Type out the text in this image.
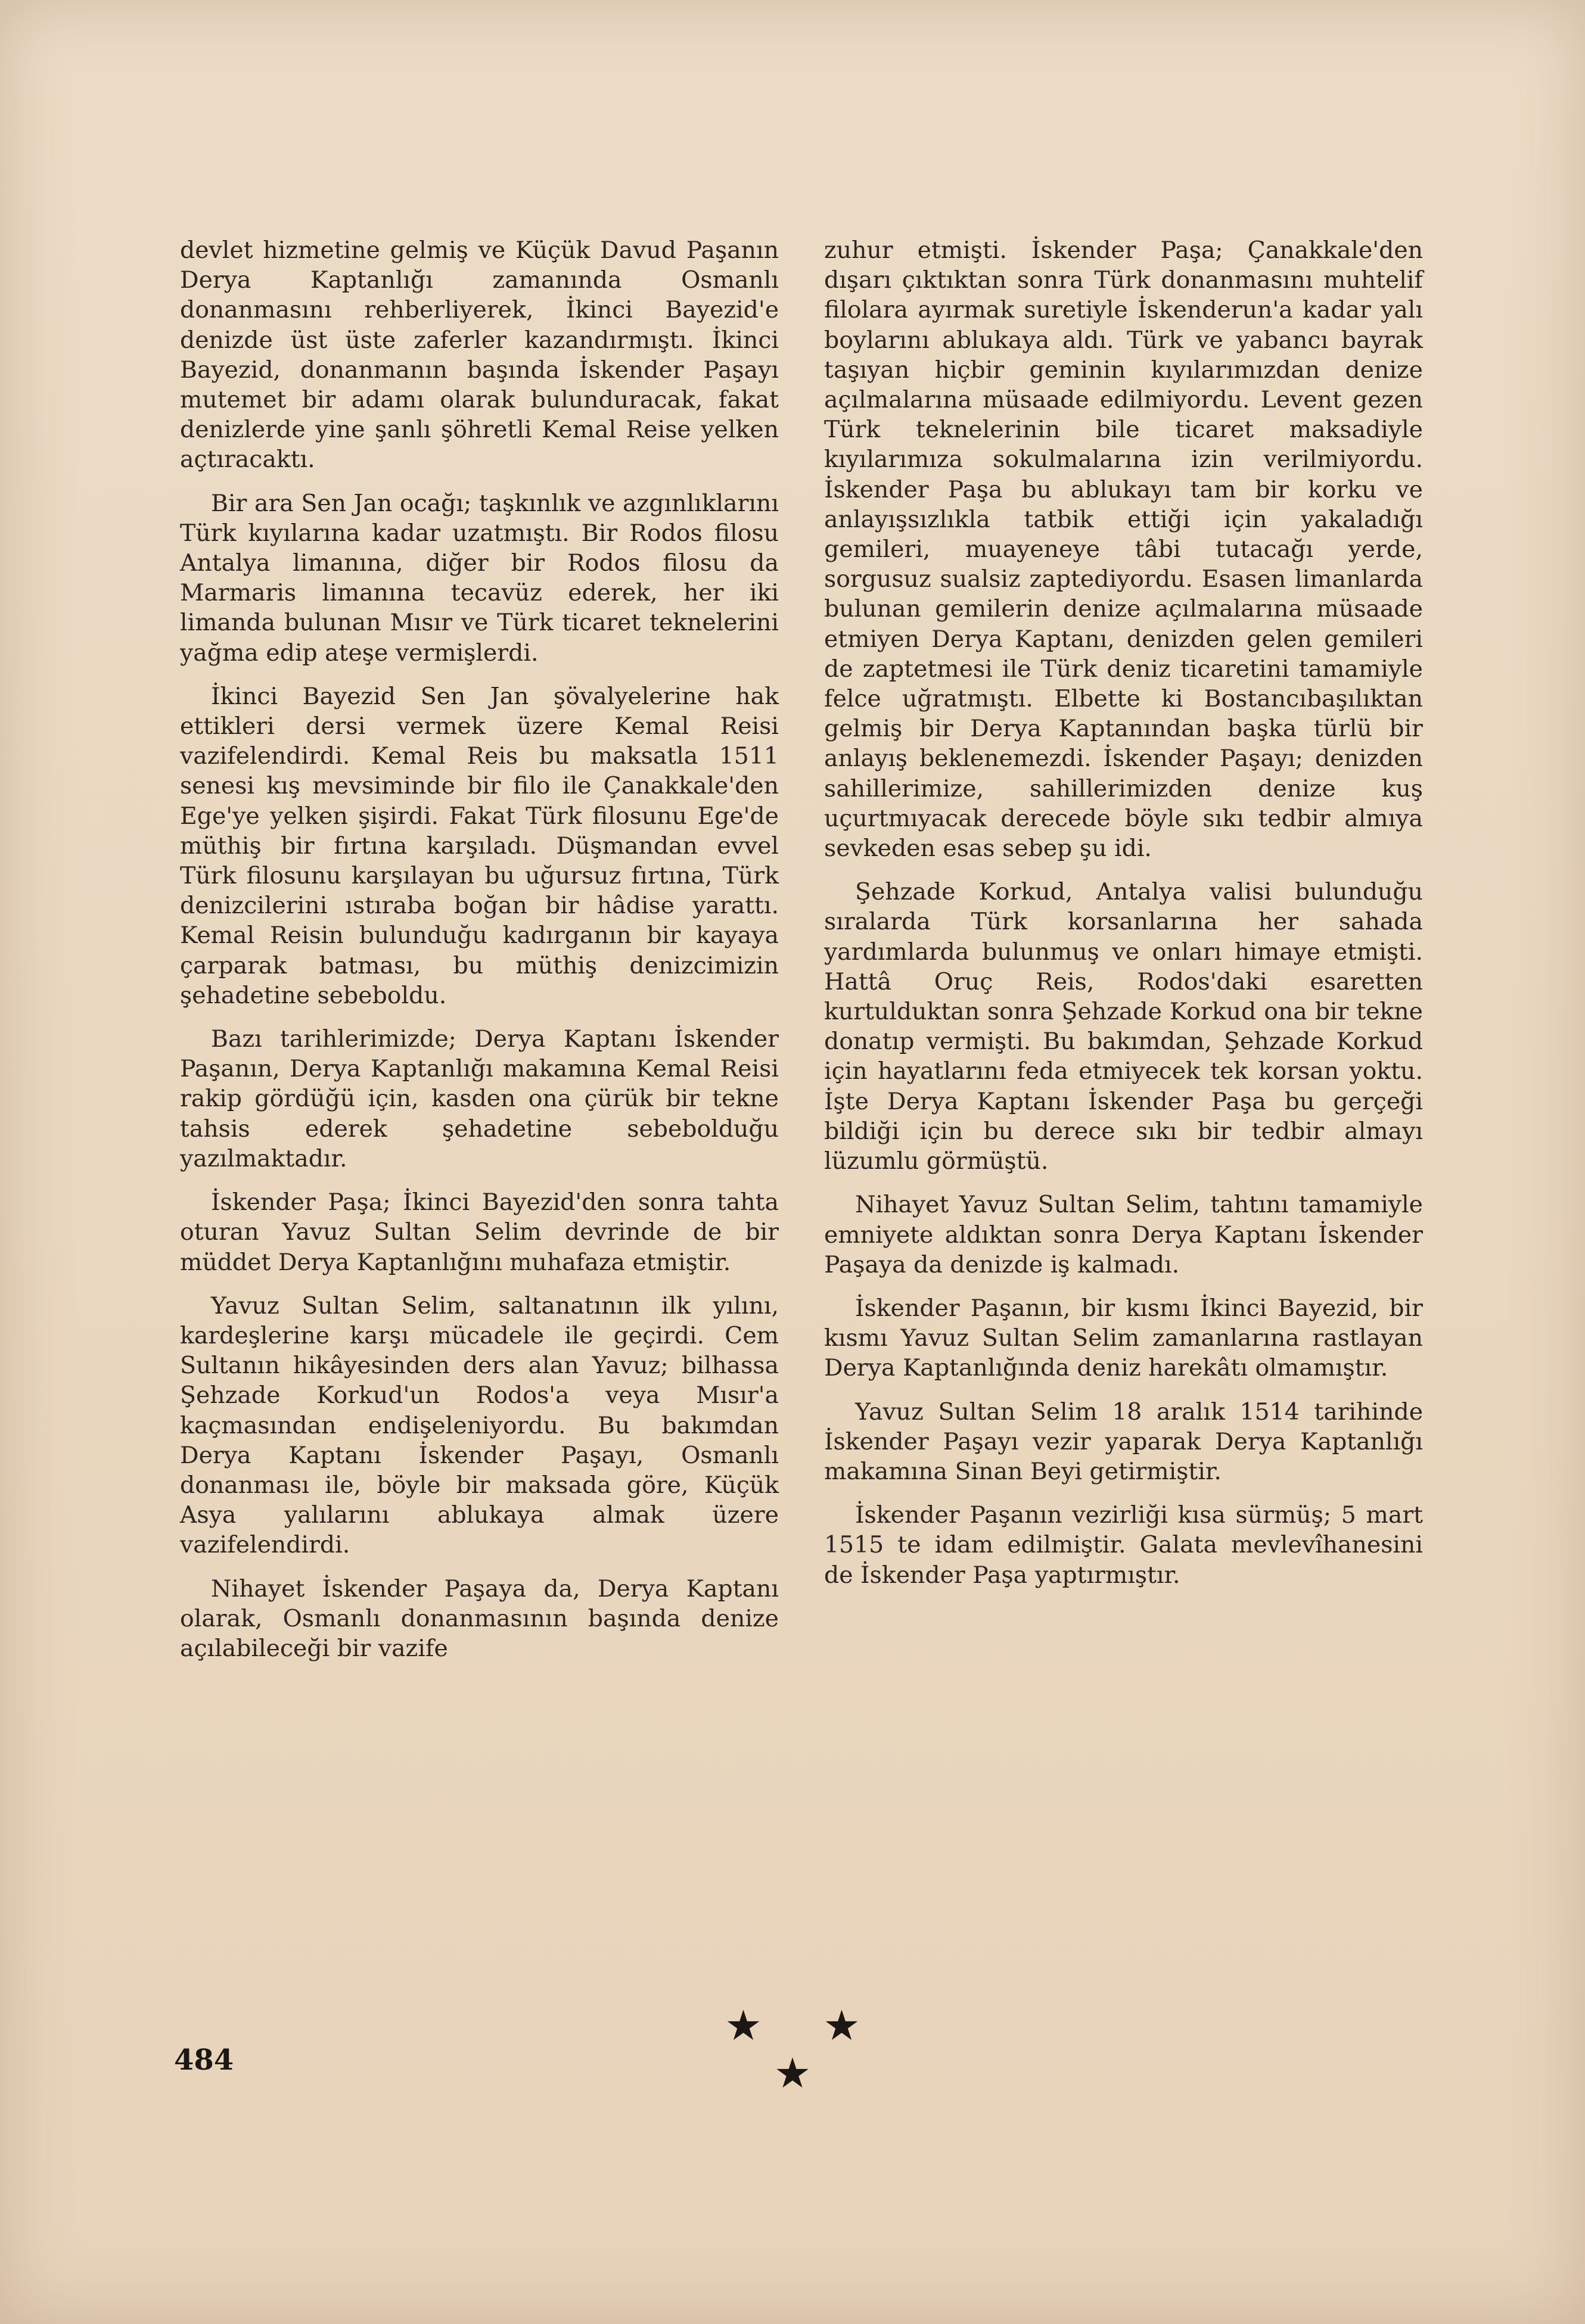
devlet hizmetine gelmiş ve Küçük Davud Paşanın Derya Kaptanlığı zamanında Osmanlı donanmasını rehberliyerek, İkinci Bayezid'e denizde üst üste zaferler kazandırmıştı. İkinci Bayezid, donanmanın başında İskender Paşayı mutemet bir adamı olarak bulunduracak, fakat denizlerde yine şanlı şöhretli Kemal Reise yelken açtıracaktı.

Bir ara Sen Jan ocağı; taşkınlık ve azgınlıklarını Türk kıyılarına kadar uzatmıştı. Bir Rodos filosu Antalya limanına, diğer bir Rodos filosu da Marmaris limanına tecavüz ederek, her iki limanda bulunan Mısır ve Türk ticaret teknelerini yağma edip ateşe vermişlerdi.

İkinci Bayezid Sen Jan şövalyelerine hak ettikleri dersi vermek üzere Kemal Reisi vazifelendirdi. Kemal Reis bu maksatla 1511 senesi kış mevsiminde bir filo ile Çanakkale'den Ege'ye yelken şişirdi. Fakat Türk filosunu Ege'de müthiş bir fırtına karşıladı. Düşmandan evvel Türk filosunu karşılayan bu uğursuz fırtına, Türk denizcilerini ıstıraba boğan bir hâdise yarattı. Kemal Reisin bulunduğu kadırganın bir kayaya çarparak batması, bu müthiş denizcimizin şehadetine sebeboldu.

Bazı tarihlerimizde; Derya Kaptanı İskender Paşanın, Derya Kaptanlığı makamına Kemal Reisi rakip gördüğü için, kasden ona çürük bir tekne tahsis ederek şehadetine sebebolduğu yazılmaktadır.

İskender Paşa; İkinci Bayezid'den sonra tahta oturan Yavuz Sultan Selim devrinde de bir müddet Derya Kaptanlığını muhafaza etmiştir.

Yavuz Sultan Selim, saltanatının ilk yılını, kardeşlerine karşı mücadele ile geçirdi. Cem Sultanın hikâyesinden ders alan Yavuz; bilhassa Şehzade Korkud'un Rodos'a veya Mısır'a kaçmasından endişeleniyordu. Bu bakımdan Derya Kaptanı İskender Paşayı, Osmanlı donanması ile, böyle bir maksada göre, Küçük Asya yalılarını ablukaya almak üzere vazifelendirdi.

Nihayet İskender Paşaya da, Derya Kaptanı olarak, Osmanlı donanmasının başında denize açılabileceği bir vazife

zuhur etmişti. İskender Paşa; Çanakkale'den dışarı çıktıktan sonra Türk donanmasını muhtelif filolara ayırmak suretiyle İskenderun'a kadar yalı boylarını ablukaya aldı. Türk ve yabancı bayrak taşıyan hiçbir geminin kıyılarımızdan denize açılmalarına müsaade edilmiyordu. Levent gezen Türk teknelerinin bile ticaret maksadiyle kıyılarımıza sokulmalarına izin verilmiyordu. İskender Paşa bu ablukayı tam bir korku ve anlayışsızlıkla tatbik ettiği için yakaladığı gemileri, muayeneye tâbi tutacağı yerde, sorgusuz sualsiz zaptediyordu. Esasen limanlarda bulunan gemilerin denize açılmalarına müsaade etmiyen Derya Kaptanı, denizden gelen gemileri de zaptetmesi ile Türk deniz ticaretini tamamiyle felce uğratmıştı. Elbette ki Bostancıbaşılıktan gelmiş bir Derya Kaptanından başka türlü bir anlayış beklenemezdi. İskender Paşayı; denizden sahillerimize, sahillerimizden denize kuş uçurtmıyacak derecede böyle sıkı tedbir almıya sevkeden esas sebep şu idi.

Şehzade Korkud, Antalya valisi bulunduğu sıralarda Türk korsanlarına her sahada yardımlarda bulunmuş ve onları himaye etmişti. Hattâ Oruç Reis, Rodos'daki esaretten kurtulduktan sonra Şehzade Korkud ona bir tekne donatıp vermişti. Bu bakımdan, Şehzade Korkud için hayatlarını feda etmiyecek tek korsan yoktu. İşte Derya Kaptanı İskender Paşa bu gerçeği bildiği için bu derece sıkı bir tedbir almayı lüzumlu görmüştü.

Nihayet Yavuz Sultan Selim, tahtını tamamiyle emniyete aldıktan sonra Derya Kaptanı İskender Paşaya da denizde iş kalmadı.

İskender Paşanın, bir kısmı İkinci Bayezid, bir kısmı Yavuz Sultan Selim zamanlarına rastlayan Derya Kaptanlığında deniz harekâtı olmamıştır.

Yavuz Sultan Selim 18 aralık 1514 tarihinde İskender Paşayı vezir yaparak Derya Kaptanlığı makamına Sinan Beyi getirmiştir.

İskender Paşanın vezirliği kısa sürmüş; 5 mart 1515 te idam edilmiştir. Galata mevlevîhanesini de İskender Paşa yaptırmıştır.

★ ★ ★
484
